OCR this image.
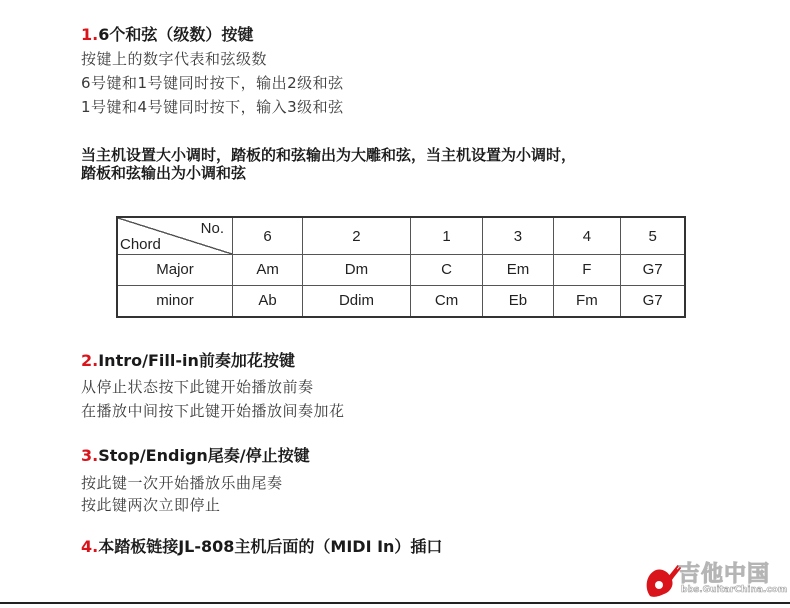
1.6个和弦（级数）按键
按键上的数字代表和弦级数
6号键和1号键同时按下，输出2级和弦
1号键和4号键同时按下，输入3级和弦
当主机设置大小调时，踏板的和弦输出为大雕和弦，当主机设置为小调时，
踏板和弦输出为小调和弦
No.
Chord	6	2	1	3	4	5
Major	Am	Dm	C	Em	F	G7
minor	Ab	Ddim	Cm	Eb	Fm	G7
2.Intro/Fill-in前奏加花按键
从停止状态按下此键开始播放前奏
在播放中间按下此键开始播放间奏加花
3.Stop/Endign尾奏/停止按键
按此键一次开始播放乐曲尾奏
按此键两次立即停止
4.本踏板链接JL-808主机后面的（MIDI In）插口
吉他中国
bbs.GuitarChina.com
